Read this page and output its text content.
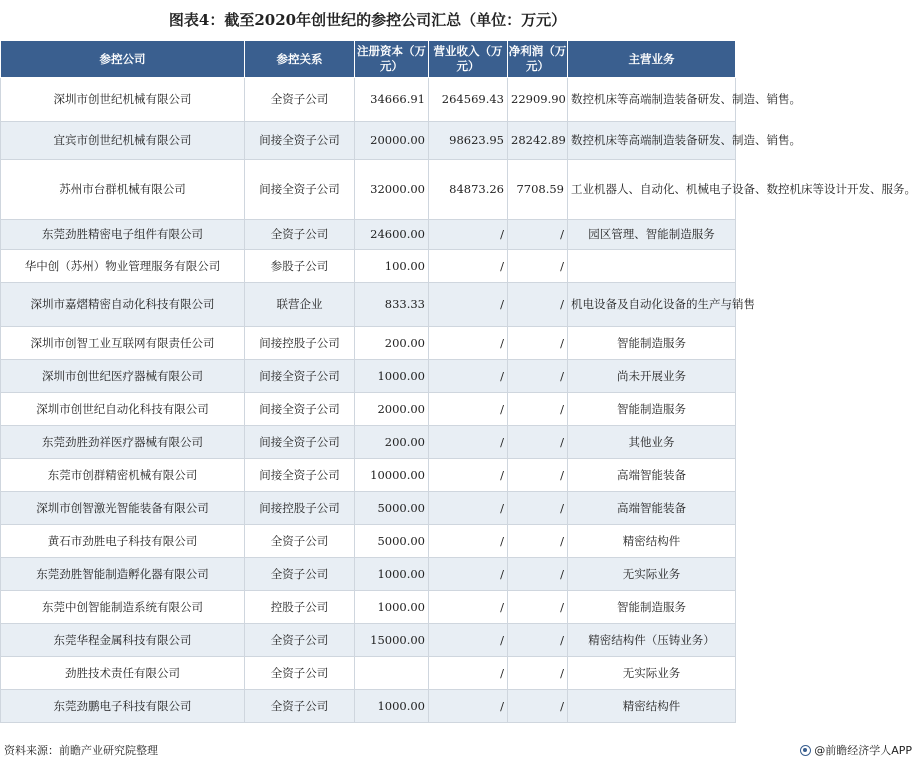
图表4：截至2020年创世纪的参控公司汇总（单位：万元）
参控公司	参控关系	注册资本（万元）	营业收入（万元）	净利润（万元）	主营业务
深圳市创世纪机械有限公司	全资子公司	34666.91	264569.43	22909.90	数控机床等高端制造装备研发、制造、销售。
宜宾市创世纪机械有限公司	间接全资子公司	20000.00	98623.95	28242.89	数控机床等高端制造装备研发、制造、销售。
苏州市台群机械有限公司	间接全资子公司	32000.00	84873.26	7708.59	工业机器人、自动化、机械电子设备、数控机床等设计开发、服务。
东莞劲胜精密电子组件有限公司	全资子公司	24600.00	/	/	园区管理、智能制造服务
华中创（苏州）物业管理服务有限公司	参股子公司	100.00	/	/	
深圳市嘉熠精密自动化科技有限公司	联营企业	833.33	/	/	机电设备及自动化设备的生产与销售
深圳市创智工业互联网有限责任公司	间接控股子公司	200.00	/	/	智能制造服务
深圳市创世纪医疗器械有限公司	间接全资子公司	1000.00	/	/	尚未开展业务
深圳市创世纪自动化科技有限公司	间接全资子公司	2000.00	/	/	智能制造服务
东莞劲胜劲祥医疗器械有限公司	间接全资子公司	200.00	/	/	其他业务
东莞市创群精密机械有限公司	间接全资子公司	10000.00	/	/	高端智能装备
深圳市创智激光智能装备有限公司	间接控股子公司	5000.00	/	/	高端智能装备
黄石市劲胜电子科技有限公司	全资子公司	5000.00	/	/	精密结构件
东莞劲胜智能制造孵化器有限公司	全资子公司	1000.00	/	/	无实际业务
东莞中创智能制造系统有限公司	控股子公司	1000.00	/	/	智能制造服务
东莞华程金属科技有限公司	全资子公司	15000.00	/	/	精密结构件（压铸业务）
劲胜技术责任有限公司	全资子公司		/	/	无实际业务
东莞劲鹏电子科技有限公司	全资子公司	1000.00	/	/	精密结构件
资料来源：前瞻产业研究院整理	@前瞻经济学人APP
